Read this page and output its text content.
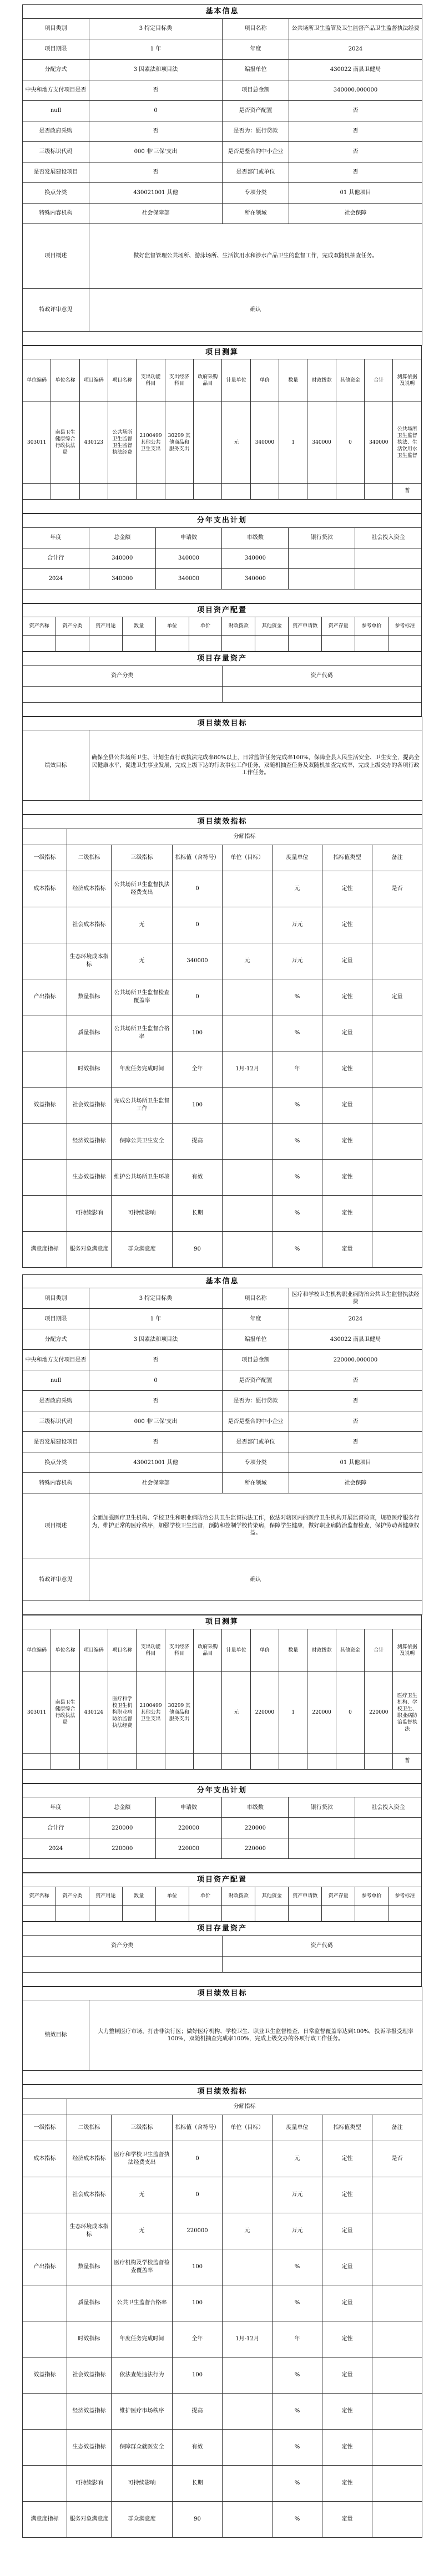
基本信息			
项目类别	3 特定目标类	项目名称	公共场所卫生监管及卫生监督产品卫生监督执法经费
项目期限	1 年	年度	2024
分配方式	3 因素法和项目法	编报单位	430022 南县卫健局
中央和地方支付项目是否	否	项目总金额	340000.000000
null	0	是否资产配置	否
是否政府采购	否	是否为：愿行贷款	否
三级标识代码	000 非'三保'支出	是否是整合的中小企业	否
是否发展建设项目	否	是否部门或单位	否
换点分类	430021001 其他	专项分类	01 其他项目
特殊内容机构	社会保障部	所在领域	社会保障
项目概述	做好监督管理公共场所、游泳场所、生活饮用水和涉水产品卫生的监督工作，完成双随机抽查任务。		
特政评审意见	确认		

项目测算													
单位编码	单位名称	项目编码	项目名称	支出功能科目	支出经济科目	政府采购品目	计量单位	单价	数量	财政拨款	其他资金	合计	测算依据及说明
303011	南县卫生健康综合行政执法局	430123	公共场所卫生监督卫生监督执法经费	2100499 其他公共卫生支出	30299 其他商品和服务支出		元	340000	1	340000	0	340000	公共场所卫生监督执法、生活饮用水卫生监督
													普

分年支出计划					
年度	总金额	申请数	市级数	银行贷款	社会投入资金
合计行	340000	340000	340000		
2024	340000	340000	340000		

项目资产配置											
资产名称	资产分类	资产用途	数量	单位	单价	财政拨款	其他资金	资产申请数	资产存量	参考单价	参考标准

项目存量资产	
资产分类	资产代码

项目绩效目标
绩效目标	确保全县公共场所卫生、计划生育行政执法完成率80%以上，日常监管任务完成率100%，保障全县人民生活安全、卫生安全，提高全民健康水平，促进卫生事业发展，完成上级下达的行政事业工作任务，双随机抽查任务及双随机抽查完成率，完成上级交办的各项行政工作任务。

项目绩效指标							
	分解指标						
一级指标	二级指标	三级指标	指标值（含符号）	单位（目标）	度量单位	指标值类型	备注
成本指标	经济成本指标	公共场所卫生监督执法经费支出	0		元	定性	是否
	社会成本指标	无	0		万元	定性	
	生态环境成本指标	无	340000	元	万元	定量	
产出指标	数量指标	公共场所卫生监督检查覆盖率	0		%	定性	定量
	质量指标	公共场所卫生监督合格率	100		%	定量	
	时效指标	年度任务完成时间	全年	1月-12月	年	定性	
效益指标	社会效益指标	完成公共场所卫生监督工作	100		%	定量	
	经济效益指标	保障公共卫生安全	提高		%	定性	
	生态效益指标	维护公共场所卫生环境	有效		%	定性	
	可持续影响	可持续影响	长期		%	定性	
满意度指标	服务对象满意度	群众满意度	90		%	定量	
基本信息			
项目类别	3 特定目标类	项目名称	医疗和学校卫生机构职业病防治公共卫生监督执法经费
项目期限	1 年	年度	2024
分配方式	3 因素法和项目法	编报单位	430022 南县卫健局
中央和地方支付项目是否	否	项目总金额	220000.000000
null	0	是否资产配置	否
是否政府采购	否	是否为：愿行贷款	否
三级标识代码	000 非'三保'支出	是否是整合的中小企业	否
是否发展建设项目	否	是否部门或单位	否
换点分类	430021001 其他	专项分类	01 其他项目
特殊内容机构	社会保障部	所在领域	社会保障
项目概述	全面加强医疗卫生机构、学校卫生和职业病防治公共卫生监督执法工作，依法对辖区内的医疗卫生机构开展监督检查，规范医疗服务行为，维护正常的医疗秩序，加强学校卫生监督，预防和控制学校传染病，保障学生健康，做好职业病防治监督检查，保护劳动者健康权益。		
特政评审意见	确认		

项目测算													
单位编码	单位名称	项目编码	项目名称	支出功能科目	支出经济科目	政府采购品目	计量单位	单价	数量	财政拨款	其他资金	合计	测算依据及说明
303011	南县卫生健康综合行政执法局	430124	医疗和学校卫生机构职业病防治监督执法经费	2100499 其他公共卫生支出	30299 其他商品和服务支出		元	220000	1	220000	0	220000	医疗卫生机构、学校卫生、职业病防治监督执法
													普

分年支出计划					
年度	总金额	申请数	市级数	银行贷款	社会投入资金
合计行	220000	220000	220000		
2024	220000	220000	220000		

项目资产配置											
资产名称	资产分类	资产用途	数量	单位	单价	财政拨款	其他资金	资产申请数	资产存量	参考单价	参考标准

项目存量资产	
资产分类	资产代码

项目绩效目标
绩效目标	大力整顿医疗市场，打击非法行医；做好医疗机构、学校卫生、职业卫生监督检查，日常监督覆盖率达到100%，投诉举报受理率100%，双随机抽查完成率100%，完成上级交办的各项行政工作任务。

项目绩效指标							
	分解指标						
一级指标	二级指标	三级指标	指标值（含符号）	单位（目标）	度量单位	指标值类型	备注
成本指标	经济成本指标	医疗和学校卫生监督执法经费支出	0		元	定性	是否
	社会成本指标	无	0		万元	定性	
	生态环境成本指标	无	220000	元	万元	定量	
产出指标	数量指标	医疗机构及学校监督检查覆盖率	100		%	定量	
	质量指标	公共卫生监督合格率	100		%	定量	
	时效指标	年度任务完成时间	全年	1月-12月	年	定性	
效益指标	社会效益指标	依法查处违法行为	100		%	定量	
	经济效益指标	维护医疗市场秩序	提高		%	定性	
	生态效益指标	保障群众就医安全	有效		%	定性	
	可持续影响	可持续影响	长期		%	定性	
满意度指标	服务对象满意度	群众满意度	90		%	定量	
